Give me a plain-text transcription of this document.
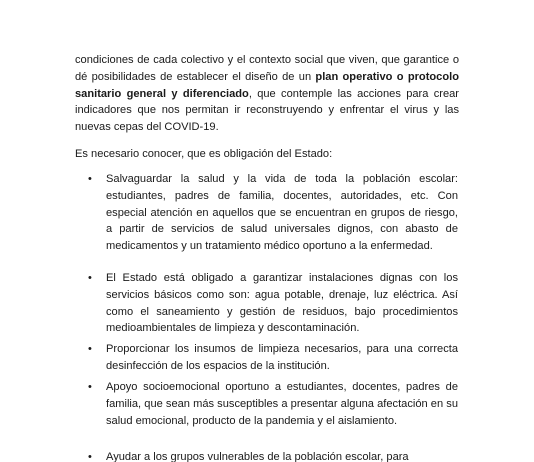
condiciones de cada colectivo y el contexto social que viven, que garantice o dé posibilidades de establecer el diseño de un plan operativo o protocolo sanitario general y diferenciado, que contemple las acciones para crear indicadores que nos permitan ir reconstruyendo y enfrentar el virus y las nuevas cepas del COVID-19.

Es necesario conocer, que es obligación del Estado:

• Salvaguardar la salud y la vida de toda la población escolar: estudiantes, padres de familia, docentes, autoridades, etc. Con especial atención en aquellos que se encuentran en grupos de riesgo, a partir de servicios de salud universales dignos, con abasto de medicamentos y un tratamiento médico oportuno a la enfermedad.

• El Estado está obligado a garantizar instalaciones dignas con los servicios básicos como son: agua potable, drenaje, luz eléctrica. Así como el saneamiento y gestión de residuos, bajo procedimientos medioambientales de limpieza y descontaminación.

• Proporcionar los insumos de limpieza necesarios, para una correcta desinfección de los espacios de la institución.

• Apoyo socioemocional oportuno a estudiantes, docentes, padres de familia, que sean más susceptibles a presentar alguna afectación en su salud emocional, producto de la pandemia y el aislamiento.

• Ayudar a los grupos vulnerables de la población escolar, para
